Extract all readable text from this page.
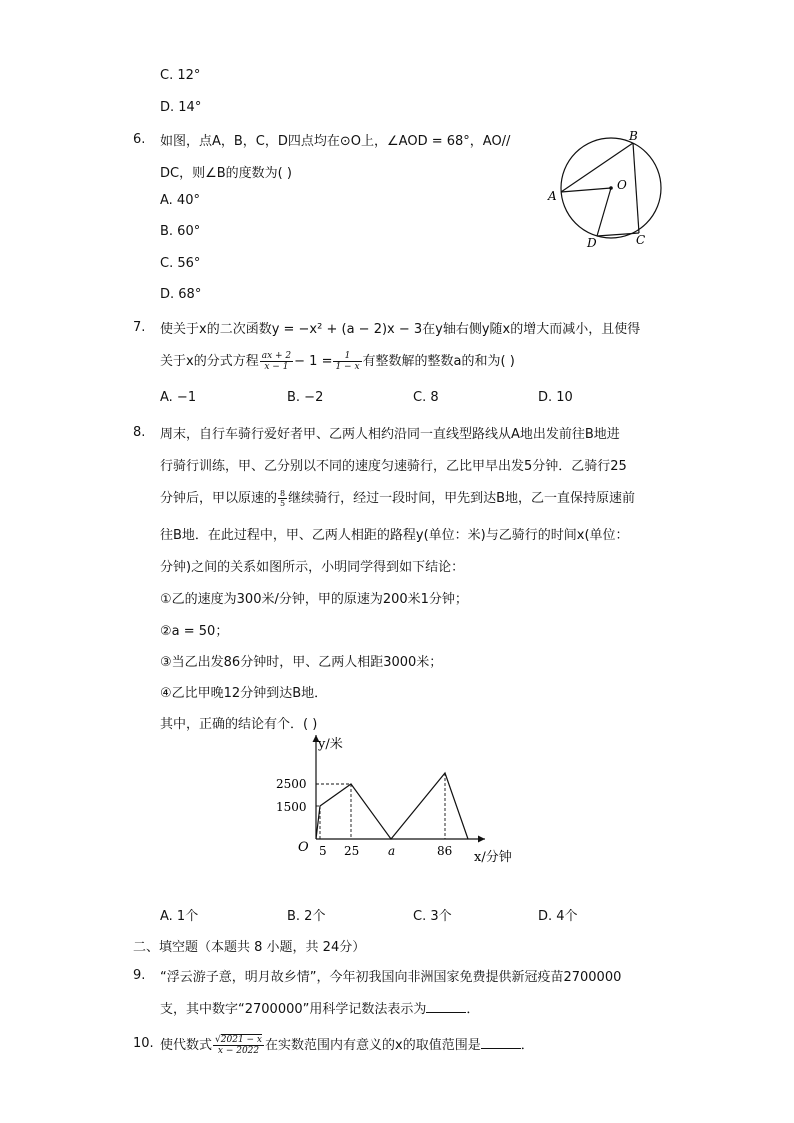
C. 12°
D. 14°
6. 如图，点A，B，C，D四点均在⊙O上，∠AOD = 68°，AO//
DC，则∠B的度数为( )
A. 40°
B. 60°
C. 56°
D. 68°
A
B
C
D
O
7. 使关于x的二次函数y = −x² + (a − 2)x − 3在y轴右侧y随x的增大而减小，且使得
关于x的分式方程 $\frac{ax + 2}{x - 1} - 1 = \frac{1}{1 - x}$ 有整数解的整数a的和为( )
A. −1	B. −2	C. 8	D. 10
8. 周末，自行车骑行爱好者甲、乙两人相约沿同一直线型路线从A地出发前往B地进
行骑行训练，甲、乙分别以不同的速度匀速骑行，乙比甲早出发5分钟．乙骑行25
分钟后，甲以原速的 $\frac{8}{5}$ 继续骑行，经过一段时间，甲先到达B地，乙一直保持原速前
往B地．在此过程中，甲、乙两人相距的路程y(单位：米)与乙骑行的时间x(单位：
分钟)之间的关系如图所示，小明同学得到如下结论：
①乙的速度为300米/分钟，甲的原速为200米1分钟；
②a = 50；
③当乙出发86分钟时，甲、乙两人相距3000米；
④乙比甲晚12分钟到达B地．
其中，正确的结论有个．( )
5 25 a	86
2500
1500
O
y/米
x/分钟
A. 1个	B. 2个	C. 3个	D. 4个
二、填空题（本题共 8 小题，共 24分）
9. “浮云游子意，明月故乡情”，今年初我国向非洲国家免费提供新冠疫苗2700000
支，其中数字“2700000”用科学记数法表示为	．
10. 使代数式 $\frac{√2021 - x}{x - 2022}$ 在实数范围内有意义的x的取值范围是	．
